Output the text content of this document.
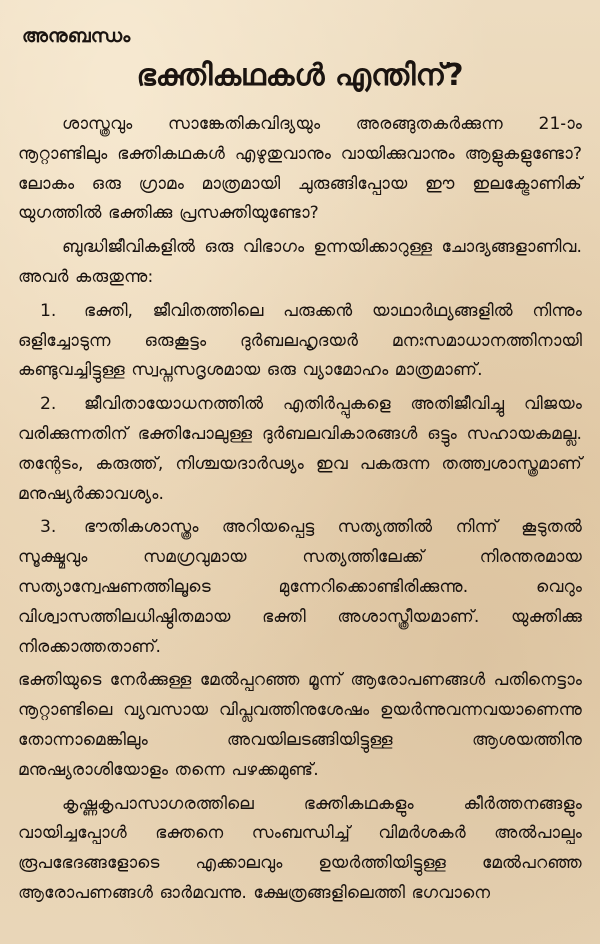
അനുബന്ധം
ഭക്തികഥകൾ എന്തിന്?

ശാസ്ത്രവും സാങ്കേതികവിദ്യയും അരങ്ങുതകർക്കുന്ന 21-ാം നൂറ്റാണ്ടിലും ഭക്തികഥകൾ എഴുതുവാനും വായിക്കുവാനും ആളുകളുണ്ടോ? ലോകം ഒരു ഗ്രാമം മാത്രമായി ചുരുങ്ങിപ്പോയ ഈ ഇലക്ട്രോണിക് യുഗത്തിൽ ഭക്തിക്കു പ്രസക്തിയുണ്ടോ?

ബുദ്ധിജീവികളിൽ ഒരു വിഭാഗം ഉന്നയിക്കാറുള്ള ചോദ്യങ്ങളാണിവ. അവർ കരുതുന്നു:

1. ഭക്തി, ജീവിതത്തിലെ പരുക്കൻ യാഥാർഥ്യങ്ങളിൽ നിന്നും ഒളിച്ചോടുന്ന ഒരുകൂട്ടം ദുർബലഹൃദയർ മനഃസമാധാനത്തിനായി കണ്ടുവച്ചിട്ടുള്ള സ്വപ്നസദൃശമായ ഒരു വ്യാമോഹം മാത്രമാണ്.

2. ജീവിതായോധനത്തിൽ എതിർപ്പുകളെ അതിജീവിച്ചു വിജയം വരിക്കുന്നതിന് ഭക്തിപോലുള്ള ദുർബലവികാരങ്ങൾ ഒട്ടും സഹായകമല്ല. തന്റേടം, കരുത്ത്, നിശ്ചയദാർഢ്യം ഇവ പകരുന്ന തത്ത്വശാസ്ത്രമാണ് മനുഷ്യർക്കാവശ്യം.

3. ഭൗതികശാസ്ത്രം അറിയപ്പെട്ട സത്യത്തിൽ നിന്ന് കൂടുതൽ സൂക്ഷ്മവും സമഗ്രവുമായ സത്യത്തിലേക്ക് നിരന്തരമായ സത്യാന്വേഷണത്തിലൂടെ മുന്നേറിക്കൊണ്ടിരിക്കുന്നു. വെറും വിശ്വാസത്തിലധിഷ്ഠിതമായ ഭക്തി അശാസ്ത്രീയമാണ്. യുക്തിക്കു നിരക്കാത്തതാണ്.

ഭക്തിയുടെ നേർക്കുള്ള മേൽപ്പറഞ്ഞ മൂന്ന് ആരോപണങ്ങൾ പതിനെട്ടാം നൂറ്റാണ്ടിലെ വ്യവസായ വിപ്ലവത്തിനുശേഷം ഉയർന്നുവന്നവയാണെന്നു തോന്നാമെങ്കിലും അവയിലടങ്ങിയിട്ടുള്ള ആശയത്തിനു മനുഷ്യരാശിയോളം തന്നെ പഴക്കമുണ്ട്.

കൃഷ്ണകൃപാസാഗരത്തിലെ ഭക്തികഥകളും കീർത്തനങ്ങളും വായിച്ചപ്പോൾ ഭക്തനെ സംബന്ധിച്ച് വിമർശകർ അൽപാല്പം രൂപഭേദങ്ങളോടെ എക്കാലവും ഉയർത്തിയിട്ടുള്ള മേൽപറഞ്ഞ ആരോപണങ്ങൾ ഓർമവന്നു. ക്ഷേത്രങ്ങളിലെത്തി ഭഗവാനെ
